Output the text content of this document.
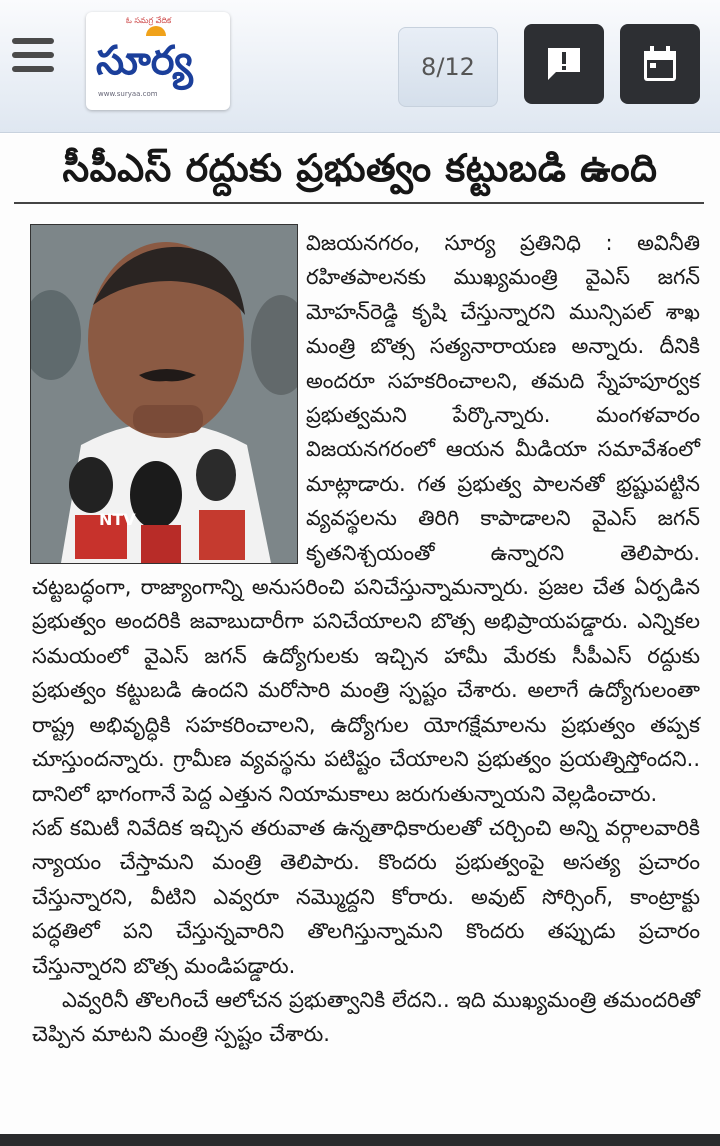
ఓ సమగ్ర వేదిక
సూర్య
www.suryaa.com
8/12
సీపీఎస్ రద్దుకు ప్రభుత్వం కట్టుబడి ఉంది
NTV

విజయనగరం, సూర్య ప్రతినిధి : అవినీతి రహితపాలనకు ముఖ్యమంత్రి వైఎస్ జగన్ మోహన్‌రెడ్డి కృషి చేస్తున్నారని మున్సిపల్ శాఖ మంత్రి బొత్స సత్యనారాయణ అన్నారు. దీనికి అందరూ సహకరించాలని, తమది స్నేహపూర్వక ప్రభుత్వమని పేర్కొన్నారు. మంగళవారం విజయనగరంలో ఆయన మీడియా సమావేశంలో మాట్లాడారు. గత ప్రభుత్వ పాలనతో భ్రష్టుపట్టిన వ్యవస్థలను తిరిగి కాపాడాలని వైఎస్ జగన్ కృతనిశ్చయంతో ఉన్నారని తెలిపారు. చట్టబద్ధంగా, రాజ్యాంగాన్ని అనుసరించి పనిచేస్తున్నామన్నారు. ప్రజల చేత ఏర్పడిన ప్రభుత్వం అందరికి జవాబుదారీగా పనిచేయాలని బొత్స అభిప్రాయపడ్డారు. ఎన్నికల సమయంలో వైఎస్ జగన్ ఉద్యోగులకు ఇచ్చిన హామీ మేరకు సీపీఎస్ రద్దుకు ప్రభుత్వం కట్టుబడి ఉందని మరోసారి మంత్రి స్పష్టం చేశారు. అలాగే ఉద్యోగులంతా రాష్ట్ర అభివృద్ధికి సహకరించాలని, ఉద్యోగుల యోగక్షేమాలను ప్రభుత్వం తప్పక చూస్తుందన్నారు. గ్రామీణ వ్యవస్థను పటిష్టం చేయాలని ప్రభుత్వం ప్రయత్నిస్తోందని.. దానిలో భాగంగానే పెద్ద ఎత్తున నియామకాలు జరుగుతున్నాయని వెల్లడించారు.

సబ్ కమిటీ నివేదిక ఇచ్చిన తరువాత ఉన్నతాధికారులతో చర్చించి అన్ని వర్గాలవారికి న్యాయం చేస్తామని మంత్రి తెలిపారు. కొందరు ప్రభుత్వంపై అసత్య ప్రచారం చేస్తున్నారని, వీటిని ఎవ్వరూ నమ్మొద్దని కోరారు. అవుట్ సోర్సింగ్, కాంట్రాక్టు పద్ధతిలో పని చేస్తున్నవారిని తొలగిస్తున్నామని కొందరు తప్పుడు ప్రచారం చేస్తున్నారని బొత్స మండిపడ్డారు.

ఎవ్వరినీ తొలగించే ఆలోచన ప్రభుత్వానికి లేదని.. ఇది ముఖ్యమంత్రి తమందరితో చెప్పిన మాటని మంత్రి స్పష్టం చేశారు.
